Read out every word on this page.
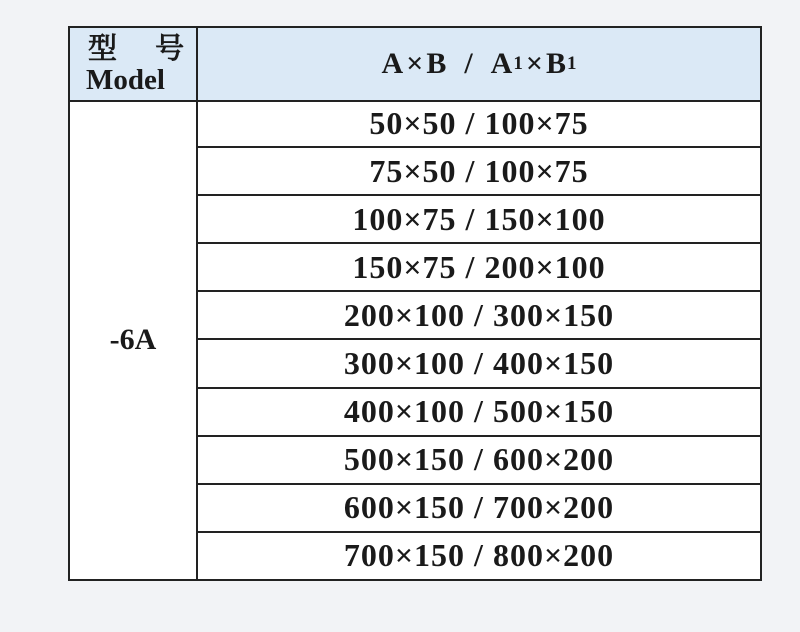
型 号
Model	A × B / A 1 × B 1
-6A
50×50 / 100×75
75×50 / 100×75
100×75 / 150×100
150×75 / 200×100
200×100 / 300×150
300×100 / 400×150
400×100 / 500×150
500×150 / 600×200
600×150 / 700×200
700×150 / 800×200
